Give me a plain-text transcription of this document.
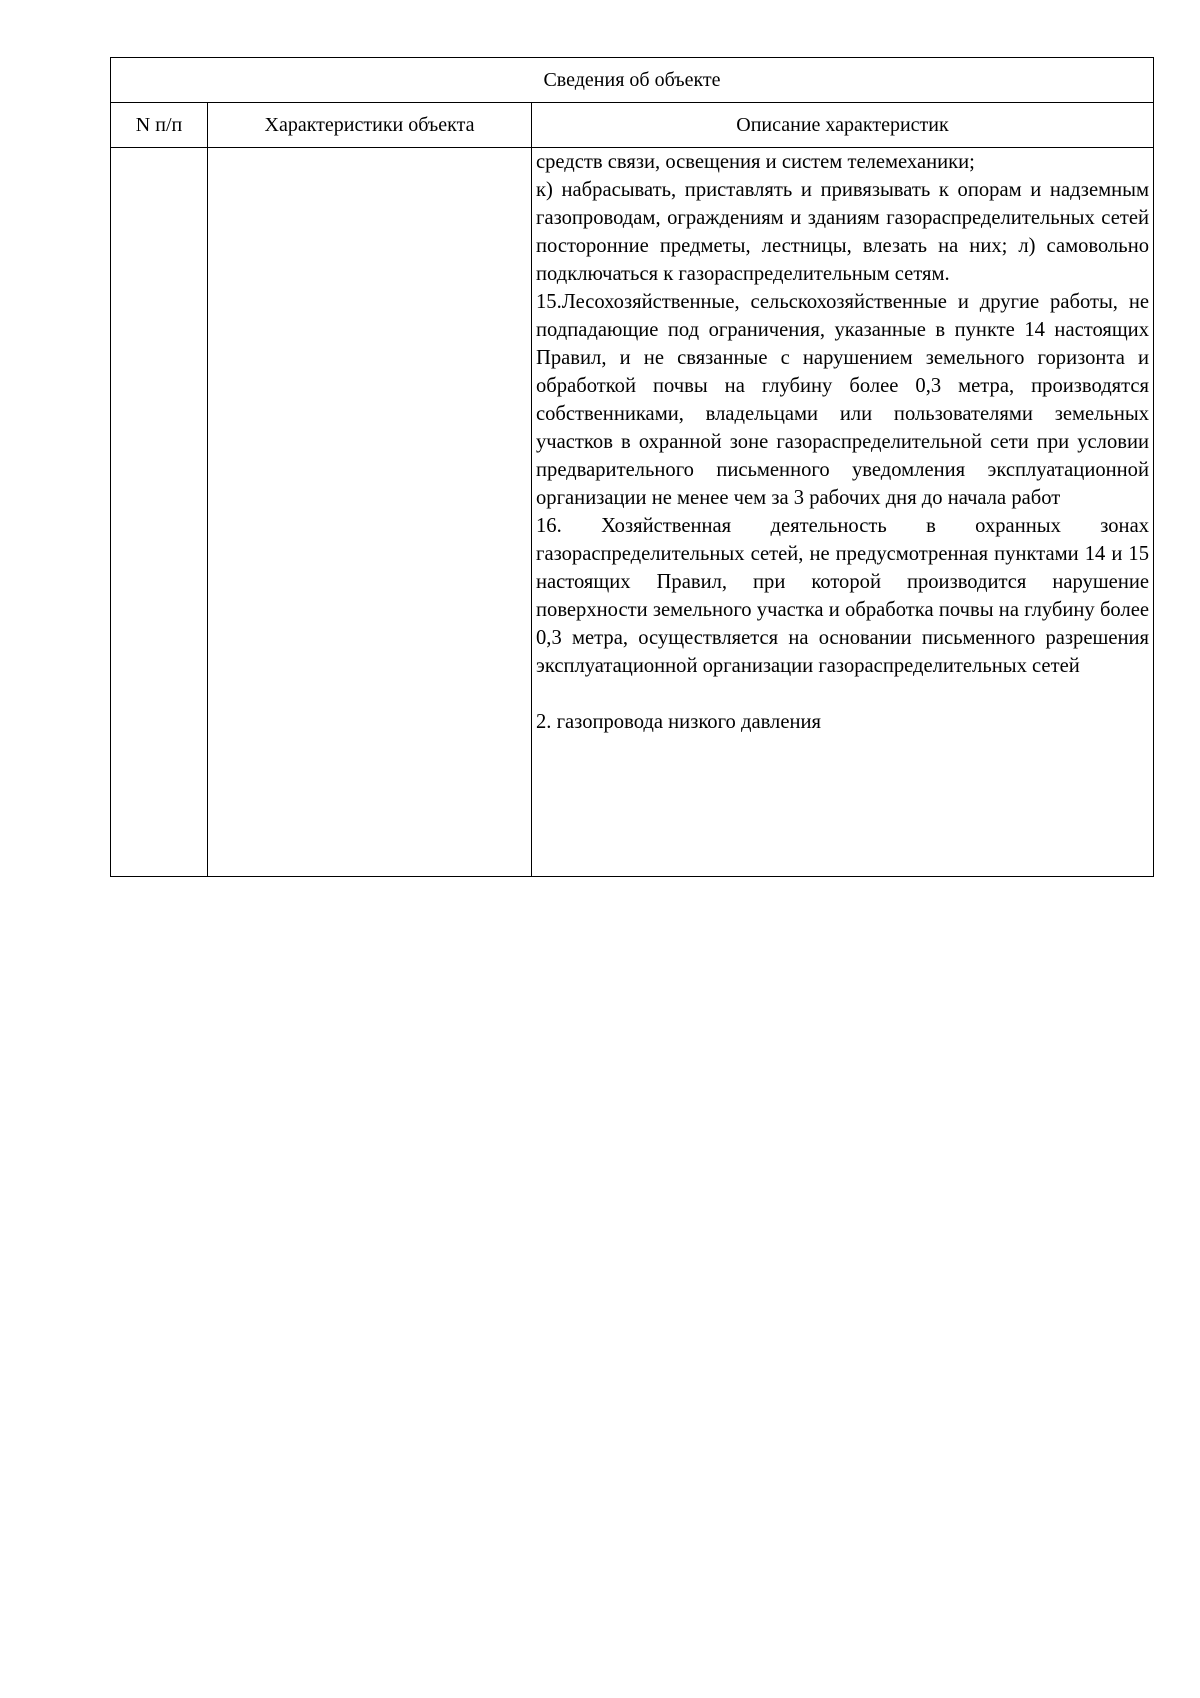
Сведения об объекте		
N п/п	Характеристики объекта	Описание характеристик

		средств связи, освещения и систем телемеханики;

к) набрасывать, приставлять и привязывать к опорам и надземным газопроводам, ограждениям и зданиям газораспределительных сетей посторонние предметы, лестницы, влезать на них; л) самовольно подключаться к газораспределительным сетям.

15.Лесохозяйственные, сельскохозяйственные и другие работы, не подпадающие под ограничения, указанные в пункте 14 настоящих Правил, и не связанные с нарушением земельного горизонта и обработкой почвы на глубину более 0,3 метра, производятся собственниками, владельцами или пользователями земельных участков в охранной зоне газораспределительной сети при условии предварительного письменного уведомления эксплуатационной организации не менее чем за 3 рабочих дня до начала работ

16. Хозяйственная деятельность в охранных зонах газораспределительных сетей, не предусмотренная пунктами 14 и 15 настоящих Правил, при которой производится нарушение поверхности земельного участка и обработка почвы на глубину более 0,3 метра, осуществляется на основании письменного разрешения эксплуатационной организации газораспределительных сетей

2. газопровода низкого давления
